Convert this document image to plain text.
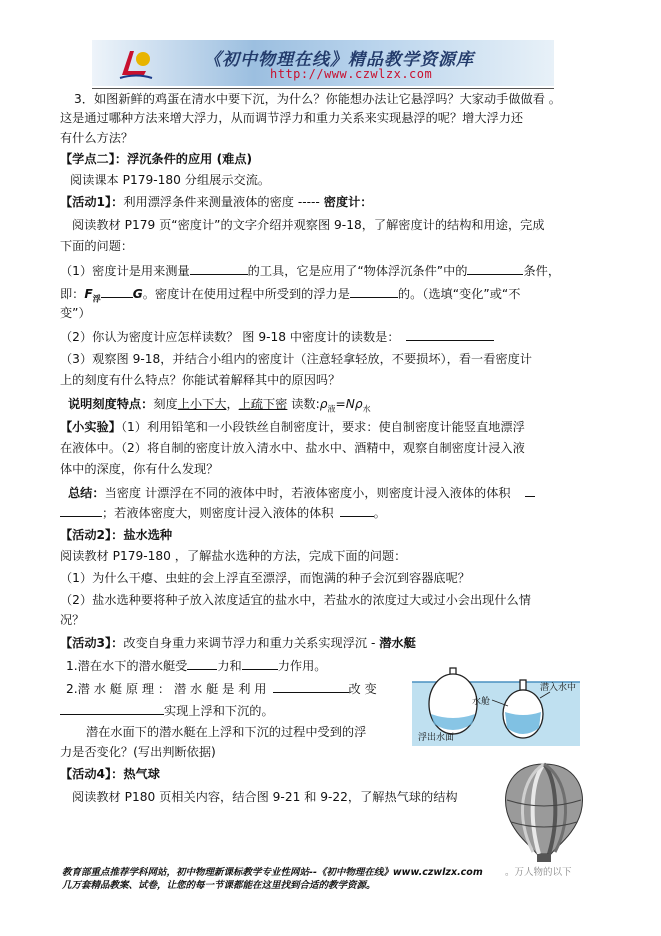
《初中物理在线》精品教学资源库
http://www.czwlzx.com
3．如图新鲜的鸡蛋在清水中要下沉，为什么？你能想办法让它悬浮吗？大家动手做做看 。
这是通过哪种方法来增大浮力，从而调节浮力和重力关系来实现悬浮的呢？增大浮力还
有什么方法？
【学点二】：浮沉条件的应用 (难点)
阅读课本 P179-180 分组展示交流。
【活动1】：利用漂浮条件来测量液体的密度 ----- 密度计：
阅读教材 P179 页“密度计”的文字介绍并观察图 9-18，了解密度计的结构和用途，完成
下面的问题：
（1）密度计是用来测量	的工具，它是应用了“物体浮沉条件”中的	条件，
即：$F_浮$	G。密度计在使用过程中所受到的浮力是	的。（选填“变化”或“不
变”）
（2）你认为密度计应怎样读数？ 图 9-18 中密度计的读数是：
（3）观察图 9-18，并结合小组内的密度计（注意轻拿轻放，不要损坏），看一看密度计
上的刻度有什么特点？你能试着解释其中的原因吗？
说明刻度特点：刻度上小下大，上疏下密 读数$:\rho_液=N\rho_水$
【小实验】（1）利用铅笔和一小段铁丝自制密度计，要求：使自制密度计能竖直地漂浮
在液体中。（2）将自制的密度计放入清水中、盐水中、酒精中，观察自制密度计浸入液
体中的深度，你有什么发现？
总结：当密度 计漂浮在不同的液体中时，若液体密度小，则密度计浸入液体的体积
；若液体密度大，则密度计浸入液体的体积	。
【活动2】：盐水选种
阅读教材 P179-180 ，了解盐水选种的方法，完成下面的问题：
（1）为什么干瘪、虫蛀的会上浮直至漂浮，而饱满的种子会沉到容器底呢？
（2）盐水选种要将种子放入浓度适宜的盐水中，若盐水的浓度过大或过小会出现什么情
况？
【活动3】：改变自身重力来调节浮力和重力关系实现浮沉 - 潜水艇
1.潜在水下的潜水艇受 力和	力作用。
2.潜 水 艇 原 理 ： 潜 水 艇 是 利 用	改 变
实现上浮和下沉的。
潜在水面下的潜水艇在上浮和下沉的过程中受到的浮
力是否变化？(写出判断依据)
水舱
潜入水中
浮出水面
【活动4】：热气球
阅读教材 P180 页相关内容，结合图 9-21 和 9-22，了解热气球的结构
教育部重点推荐学科网站，初中物理新课标教学专业性网站--《初中物理在线》www.czwlzx.com
几万套精品教案、试卷，让您的每一节课都能在这里找到合适的教学资源。
。万人物的以下
